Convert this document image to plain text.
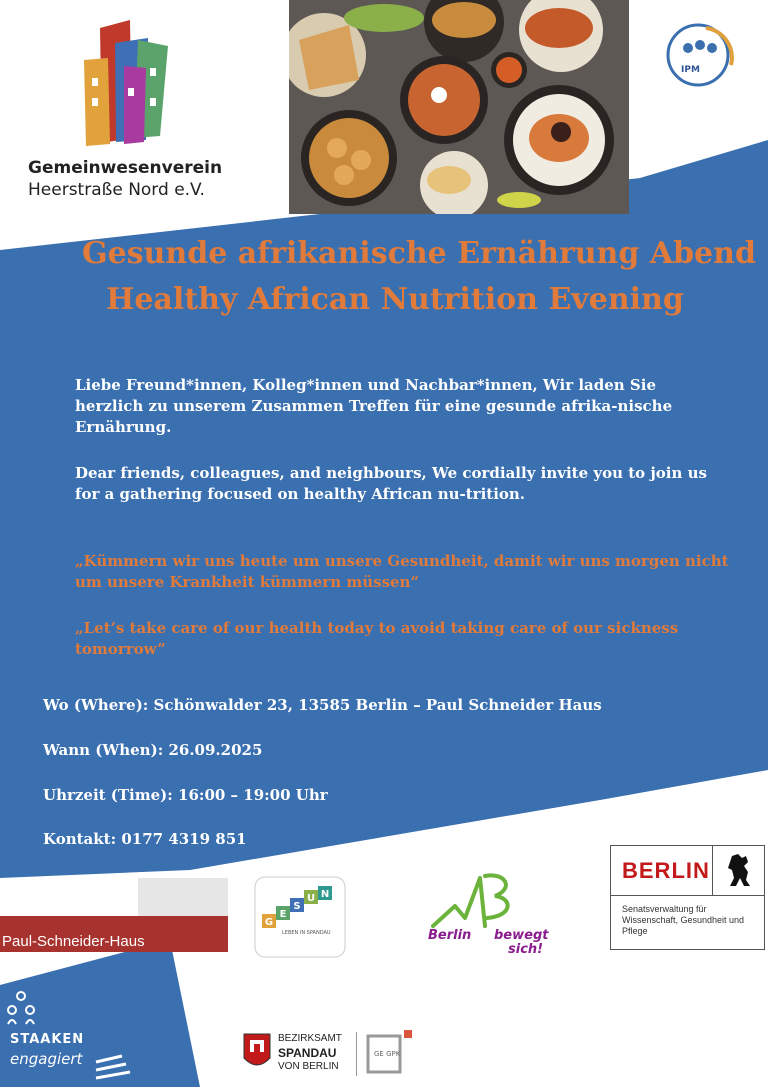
Gemeinwesenverein
Heerstraße Nord e.V.
IPM
Gesunde afrikanische Ernährung Abend
Healthy African Nutrition Evening
Liebe Freund*innen, Kolleg*innen und Nachbar*innen, Wir laden Sie herzlich zu unserem Zusammen Treffen für eine gesunde afrika-nische Ernährung.
Dear friends, colleagues, and neighbours, We cordially invite you to join us for a gathering focused on healthy African nu-trition.
„Kümmern wir uns heute um unsere Gesundheit, damit wir uns morgen nicht um unsere Krankheit kümmern müssen“
„Let’s take care of our health today to avoid taking care of our sickness tomorrow”
Wo (Where): Schönwalder 23, 13585 Berlin – Paul Schneider Haus
Wann (When): 26.09.2025
Uhrzeit (Time): 16:00 – 19:00 Uhr
Kontakt: 0177 4319 851
Paul-Schneider-Haus
G
E
S
U N
LEBEN IN SPANDAU	Berlin bewegt
sich!
BERLIN
Senatsverwaltung für Wissenschaft, Gesundheit und Pflege
STAAKEN
engagiert
BEZIRKSAMT
SPANDAU
VON BERLIN
GE GPK
